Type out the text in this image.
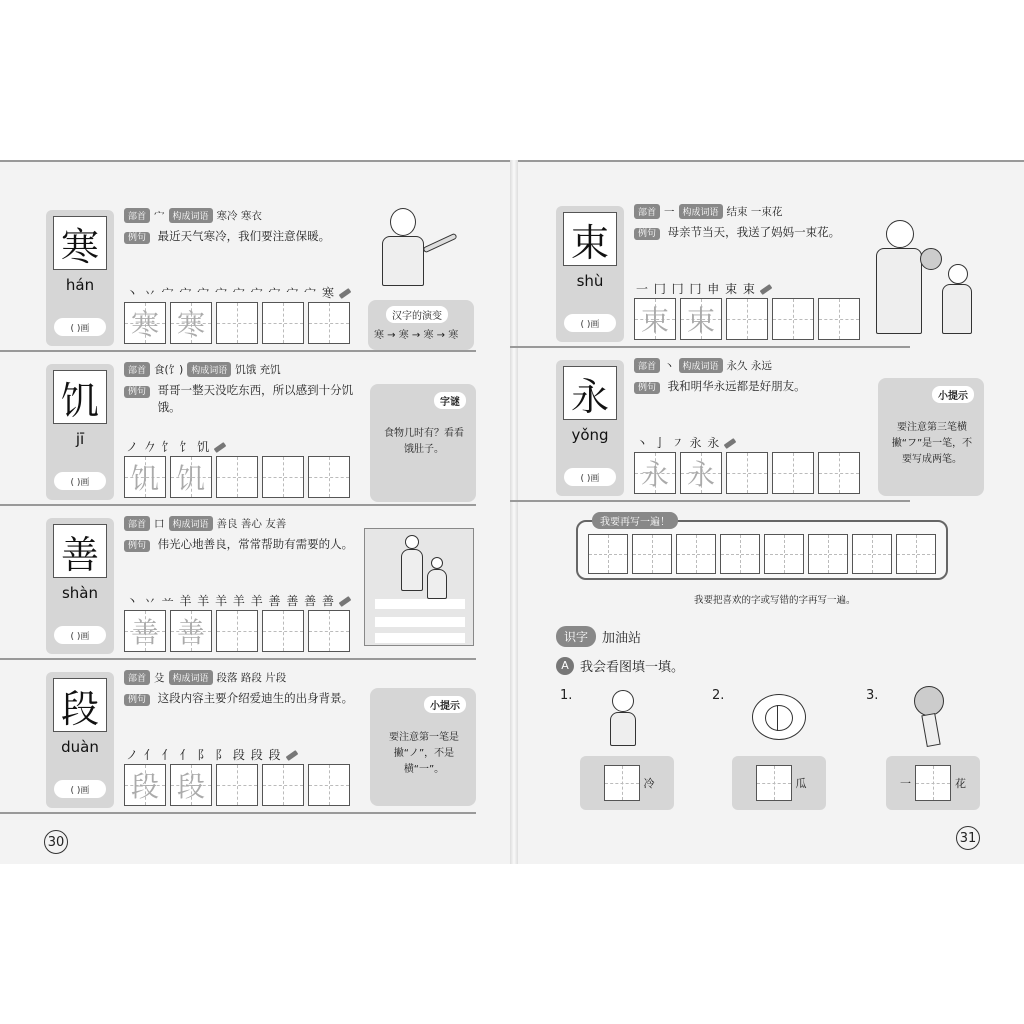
寒
hán
( )画
部首 宀 构成词语 寒冷 寒衣
例句 最近天气寒冷，我们要注意保暖。
丶 丷 宀 宀 宀 宀 宀 宀 宀 宀 宀 寒
寒 寒
饥
jī
( )画
部首 食(饣) 构成词语 饥饿 充饥
例句 哥哥一整天没吃东西，所以感到十分饥饿。
ノ 𠂊 饣 饣 饥
饥 饥
善
shàn
( )画
部首 口 构成词语 善良 善心 友善
例句 伟光心地善良，常常帮助有需要的人。
丶 丷 䒑 羊 羊 羊 羊 羊 善 善 善 善
善 善
段
duàn
( )画
部首 殳 构成词语 段落 路段 片段
例句 这段内容主要介绍爱迪生的出身背景。
ノ 亻 亻 亻 阝 阝 段 段 段
段 段
汉字的演变
寒 → 寒 → 寒 → 寒
字谜
食物几时有？看看饿肚子。
小提示
要注意第一笔是撇“ノ”，不是横“一”。
30
束
shù
( )画
部首 一 构成词语 结束 一束花
例句 母亲节当天，我送了妈妈一束花。
一 冂 冂 冂 申 束 束
束 束
永
yǒng
( )画
部首 丶 构成词语 永久 永远
例句 我和明华永远都是好朋友。
丶 亅 ㇇ 永 永
永 永
小提示
要注意第三笔横撇“フ”是一笔，不要写成两笔。
我要再写一遍！
我要把喜欢的字或写错的字再写一遍。
识字	加油站
A 我会看图填一填。
1.	2.	3.
冷	瓜	一	花
31
